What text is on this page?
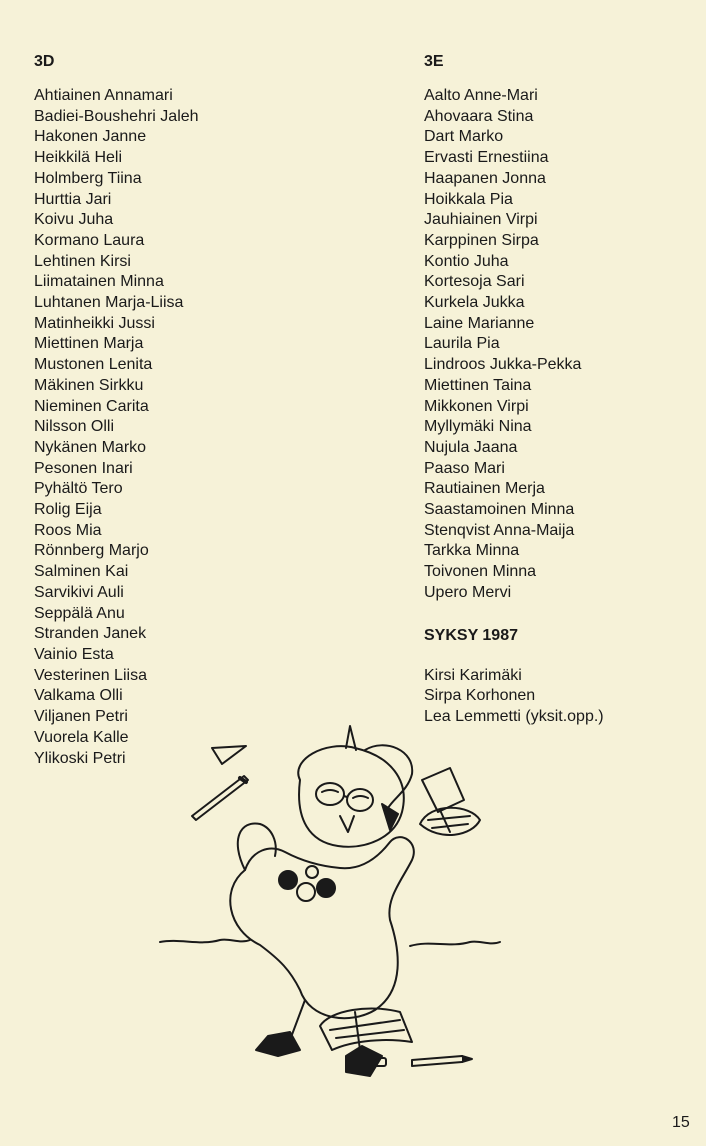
3D
Ahtiainen Annamari
Badiei-Boushehri Jaleh
Hakonen Janne
Heikkilä Heli
Holmberg Tiina
Hurttia Jari
Koivu Juha
Kormano Laura
Lehtinen Kirsi
Liimatainen Minna
Luhtanen Marja-Liisa
Matinheikki Jussi
Miettinen Marja
Mustonen Lenita
Mäkinen Sirkku
Nieminen Carita
Nilsson Olli
Nykänen Marko
Pesonen Inari
Pyhältö Tero
Rolig Eija
Roos Mia
Rönnberg Marjo
Salminen Kai
Sarvikivi Auli
Seppälä Anu
Stranden Janek
Vainio Esta
Vesterinen Liisa
Valkama Olli
Viljanen Petri
Vuorela Kalle
Ylikoski Petri
3E
Aalto Anne-Mari
Ahovaara Stina
Dart Marko
Ervasti Ernestiina
Haapanen Jonna
Hoikkala Pia
Jauhiainen Virpi
Karppinen Sirpa
Kontio Juha
Kortesoja Sari
Kurkela Jukka
Laine Marianne
Laurila Pia
Lindroos Jukka-Pekka
Miettinen Taina
Mikkonen Virpi
Myllymäki Nina
Nujula Jaana
Paaso Mari
Rautiainen Merja
Saastamoinen Minna
Stenqvist Anna-Maija
Tarkka Minna
Toivonen Minna
Upero Mervi
SYKSY 1987
Kirsi Karimäki
Sirpa Korhonen
Lea Lemmetti (yksit.opp.)
15
